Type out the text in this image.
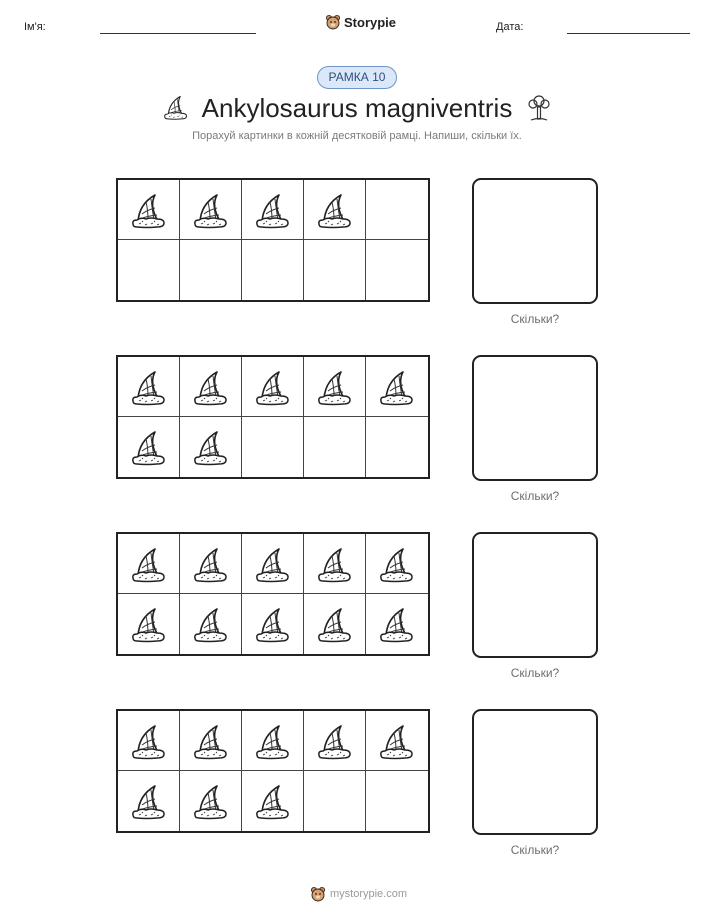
Ім'я:	Storypie	Дата:
РАМКА 10
Ankylosaurus magniventris
Порахуй картинки в кожній десятковій рамці. Напиши, скільки їх.
Скільки?
Скільки?
Скільки?
Скільки?
mystorypie.com
